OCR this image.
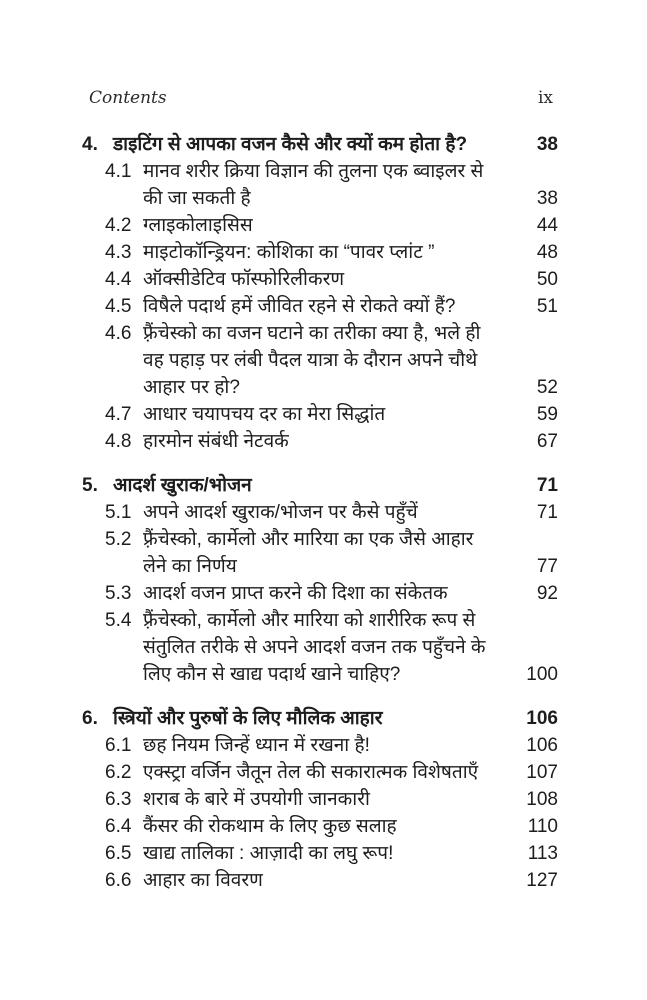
Contents	ix
4. डाइटिंग से आपका वजन कैसे और क्यों कम होता है?	38
4.1 मानव शरीर क्रिया विज्ञान की तुलना एक ब्वाइलर से की जा सकती है	38
4.2 ग्लाइकोलाइसिस	44
4.3 माइटोकॉन्ड्रियन: कोशिका का “पावर प्लांट ”	48
4.4 ऑक्सीडेटिव फॉस्फोरिलीकरण	50
4.5 विषैले पदार्थ हमें जीवित रहने से रोकते क्यों हैं?	51
4.6 फ़्रैंचेस्को का वजन घटाने का तरीका क्या है, भले ही वह पहाड़ पर लंबी पैदल यात्रा के दौरान अपने चौथे आहार पर हो?	52
4.7 आधार चयापचय दर का मेरा सिद्धांत	59
4.8 हारमोन संबंधी नेटवर्क	67
5. आदर्श खुराक/भोजन	71
5.1 अपने आदर्श खुराक/भोजन पर कैसे पहुँचें	71
5.2 फ़्रैंचेस्को, कार्मेलो और मारिया का एक जैसे आहार लेने का निर्णय	77
5.3 आदर्श वजन प्राप्त करने की दिशा का संकेतक	92
5.4 फ़्रैंचेस्को, कार्मेलो और मारिया को शारीरिक रूप से संतुलित तरीके से अपने आदर्श वजन तक पहुँचने के लिए कौन से खाद्य पदार्थ खाने चाहिए?	100
6. स्त्रियों और पुरुषों के लिए मौलिक आहार	106
6.1 छह नियम जिन्हें ध्यान में रखना है!	106
6.2 एक्स्ट्रा वर्जिन जैतून तेल की सकारात्मक विशेषताएँ	107
6.3 शराब के बारे में उपयोगी जानकारी	108
6.4 कैंसर की रोकथाम के लिए कुछ सलाह	110
6.5 खाद्य तालिका : आज़ादी का लघु रूप!	113
6.6 आहार का विवरण	127
